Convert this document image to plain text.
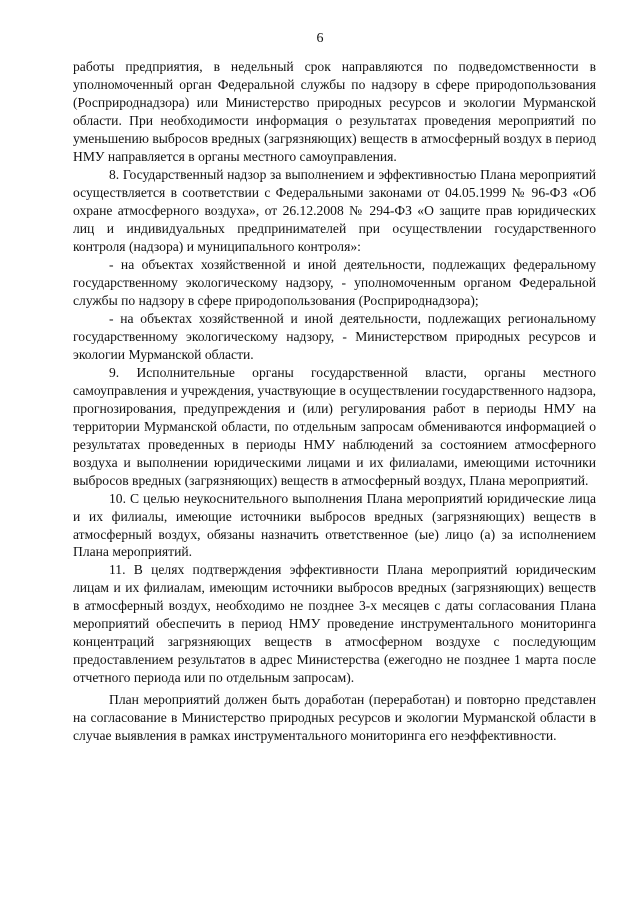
6

работы предприятия, в недельный срок направляются по подведомственности в уполномоченный орган Федеральной службы по надзору в сфере природопользования (Росприроднадзора) или Министерство природных ресурсов и экологии Мурманской области. При необходимости информация о результатах проведения мероприятий по уменьшению выбросов вредных (загрязняющих) веществ в атмосферный воздух в период НМУ направляется в органы местного самоуправления.

8. Государственный надзор за выполнением и эффективностью Плана мероприятий осуществляется в соответствии с Федеральными законами от 04.05.1999 № 96-ФЗ «Об охране атмосферного воздуха», от 26.12.2008 № 294-ФЗ «О защите прав юридических лиц и индивидуальных предпринимателей при осуществлении государственного контроля (надзора) и муниципального контроля»:

- на объектах хозяйственной и иной деятельности, подлежащих федеральному государственному экологическому надзору, - уполномоченным органом Федеральной службы по надзору в сфере природопользования (Росприроднадзора);

- на объектах хозяйственной и иной деятельности, подлежащих региональному государственному экологическому надзору, - Министерством природных ресурсов и экологии Мурманской области.

9. Исполнительные органы государственной власти, органы местного самоуправления и учреждения, участвующие в осуществлении государственного надзора, прогнозирования, предупреждения и (или) регулирования работ в периоды НМУ на территории Мурманской области, по отдельным запросам обмениваются информацией о результатах проведенных в периоды НМУ наблюдений за состоянием атмосферного воздуха и выполнении юридическими лицами и их филиалами, имеющими источники выбросов вредных (загрязняющих) веществ в атмосферный воздух, Плана мероприятий.

10. С целью неукоснительного выполнения Плана мероприятий юридические лица и их филиалы, имеющие источники выбросов вредных (загрязняющих) веществ в атмосферный воздух, обязаны назначить ответственное (ые) лицо (а) за исполнением Плана мероприятий.

11. В целях подтверждения эффективности Плана мероприятий юридическим лицам и их филиалам, имеющим источники выбросов вредных (загрязняющих) веществ в атмосферный воздух, необходимо не позднее 3-х месяцев с даты согласования Плана мероприятий обеспечить в период НМУ проведение инструментального мониторинга концентраций загрязняющих веществ в атмосферном воздухе с последующим предоставлением результатов в адрес Министерства (ежегодно не позднее 1 марта после отчетного периода или по отдельным запросам).

План мероприятий должен быть доработан (переработан) и повторно представлен на согласование в Министерство природных ресурсов и экологии Мурманской области в случае выявления в рамках инструментального мониторинга его неэффективности.
